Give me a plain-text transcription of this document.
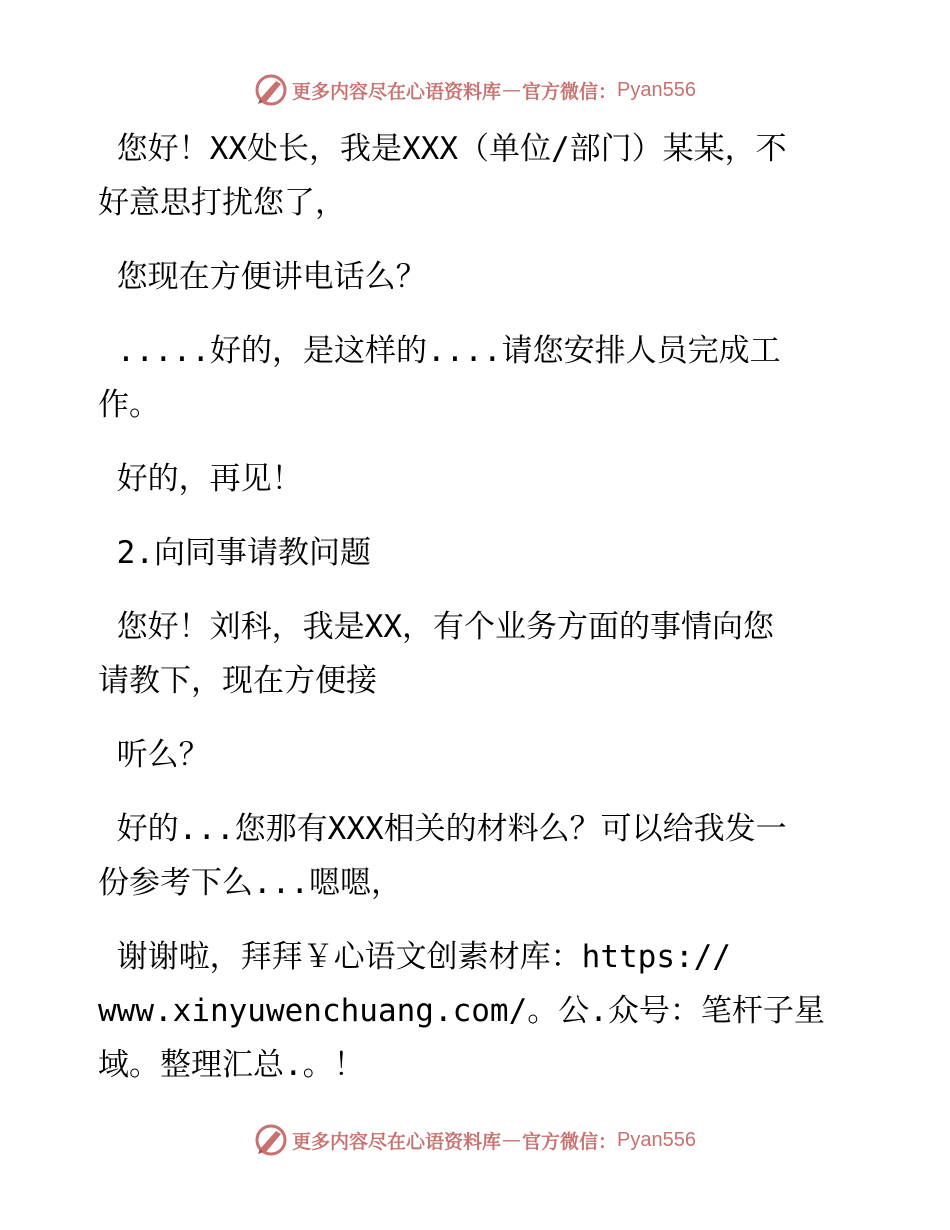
更多内容尽在心语资料库 — 官方微信： Pyan556

您好！XX处长，我是XXX（单位/部门）某某，不

好意思打扰您了，

您现在方便讲电话么？

.....好的，是这样的....请您安排人员完成工

作。

好的，再见！

2.向同事请教问题

您好！刘科，我是XX，有个业务方面的事情向您

请教下，现在方便接

听么？

好的...您那有XXX相关的材料么？可以给我发一

份参考下么...嗯嗯，

谢谢啦，拜拜￥心语文创素材库：https://

www.xinyuwenchuang.com/。公.众号：笔杆子星

域。整理汇总.。！

更多内容尽在心语资料库 — 官方微信： Pyan556
